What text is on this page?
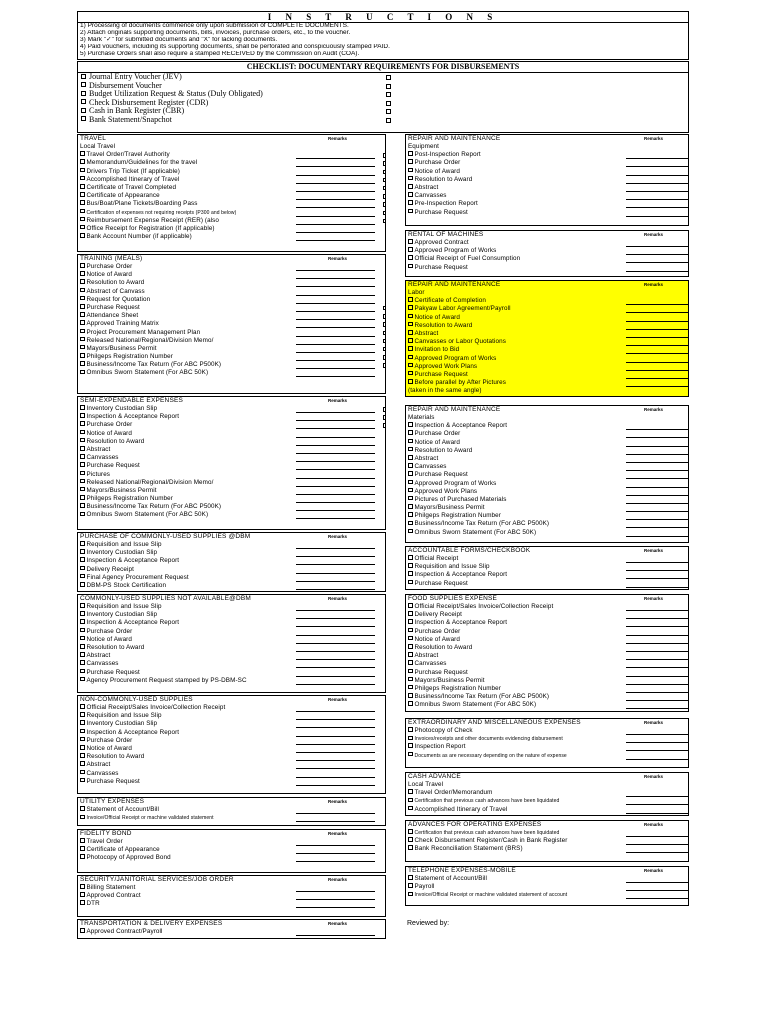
I N S T R U C T I O N S
1) Processing of documents commence only upon submission of COMPLETE DOCUMENTS.
2) Attach originals supporting documents, bills, invoices, purchase orders, etc., to the voucher.
3) Mark "✓" for submitted documents and "X" for lacking documents.
4) Paid vouchers, including its supporting documents, shall be perforated and conspicuously stamped PAID.
5) Purchase Orders shall also require a stamped RECEIVED by the Commission on Audit (COA).
CHECKLIST: DOCUMENTARY REQUIREMENTS FOR DISBURSEMENTS
Journal Entry Voucher (JEV)
Disbursement Voucher
Budget Utilization Request & Status (Duly Obligated)
Check Disbursement Register (CDR)
Cash in Bank Register (CBR)
Bank Statement/Snapchot
TRAVEL	Remarks
Local Travel
Travel Order/Travel Authority
Memorandum/Guidelines for the travel
Drivers Trip Ticket (If applicable)
Accomplished Itinerary of Travel
Certificate of Travel Completed
Certificate of Appearance
Bus/Boat/Plane Tickets/Boarding Pass
Certification of expenses not requiring receipts (P300 and below)
Reimbursement Expense Receipt (RER) (also
Office Receipt for Registration (If applicable)
Bank Account Number (if applicable)
TRAINING (MEALS)	Remarks
Purchase Order
Notice of Award
Resolution to Award
Abstract of Canvass
Request for Quotation
Purchase Request
Attendance Sheet
Approved Training Matrix
Project Procurement Management Plan
Released National/Regional/Division Memo/
Mayors/Business Permit
Philgeps Registration Number
Business/Income Tax Return (For ABC P500K)
Omnibus Sworn Statement (For ABC 50K)
SEMI-EXPENDABLE EXPENSES	Remarks
Inventory Custodian Slip
Inspection & Acceptance Report
Purchase Order
Notice of Award
Resolution to Award
Abstract
Canvasses
Purchase Request
Pictures
Released National/Regional/Division Memo/
Mayors/Business Permit
Philgeps Registration Number
Business/Income Tax Return (For ABC P500K)
Omnibus Sworn Statement (For ABC 50K)
PURCHASE OF COMMONLY-USED SUPPLIES @DBM	Remarks
Requisition and Issue Slip
Inventory Custodian Slip
Inspection & Acceptance Report
Delivery Receipt
Final Agency Procurement Request
DBM-PS Stock Certification
COMMONLY-USED SUPPLIES NOT AVAILABLE@DBM	Remarks
Requisition and Issue Slip
Inventory Custodian Slip
Inspection & Acceptance Report
Purchase Order
Notice of Award
Resolution to Award
Abstract
Canvasses
Purchase Request
Agency Procurement Request stamped by PS-DBM-SC
NON-COMMONLY-USED SUPPLIES	Remarks
Official Receipt/Sales Invoice/Collection Receipt
Requisition and Issue Slip
Inventory Custodian Slip
Inspection & Acceptance Report
Purchase Order
Notice of Award
Resolution to Award
Abstract
Canvasses
Purchase Request
UTILITY EXPENSES	Remarks
Statement of Account/Bill
Invoice/Official Receipt or machine validated statement
FIDELITY BOND	Remarks
Travel Order
Certificate of Appearance
Photocopy of Approved Bond
SECURITY/JANITORIAL SERVICES/JOB ORDER	Remarks
Billing Statement
Approved Contract
DTR
TRANSPORTATION & DELIVERY EXPENSES	Remarks
Approved Contract/Payroll
REPAIR AND MAINTENANCE	Remarks
Equipment
Post-Inspection Report
Purchase Order
Notice of Award
Resolution to Award
Abstract
Canvasses
Pre-Inspection Report
Purchase Request
RENTAL OF MACHINES	Remarks
Approved Contract
Approved Program of Works
Official Receipt of Fuel Consumption
Purchase Request
REPAIR AND MAINTENANCE	Remarks
Labor
Certificate of Completion
Pakyaw Labor Agreement/Payroll
Notice of Award
Resolution to Award
Abstract
Canvasses or Labor Quotations
Invitation to Bid
Approved Program of Works
Approved Work Plans
Purchase Request
Before parallel by After Pictures
(taken in the same angle)
REPAIR AND MAINTENANCE	Remarks
Materials
Inspection & Acceptance Report
Purchase Order
Notice of Award
Resolution to Award
Abstract
Canvasses
Purchase Request
Approved Program of Works
Approved Work Plans
Pictures of Purchased Materials
Mayors/Business Permit
Philgeps Registration Number
Business/Income Tax Return (For ABC P500K)
Omnibus Sworn Statement (For ABC 50K)
ACCOUNTABLE FORMS/CHECKBOOK	Remarks
Official Receipt
Requisition and Issue Slip
Inspection & Acceptance Report
Purchase Request
FOOD SUPPLIES EXPENSE	Remarks
Official Receipt/Sales Invoice/Collection Receipt
Delivery Receipt
Inspection & Acceptance Report
Purchase Order
Notice of Award
Resolution to Award
Abstract
Canvasses
Purchase Request
Mayors/Business Permit
Philgeps Registration Number
Business/Income Tax Return (For ABC P500K)
Omnibus Sworn Statement (For ABC 50K)
EXTRAORDINARY AND MISCELLANEOUS EXPENSES	Remarks
Photocopy of Check
Invoices/receipts and other documents evidencing disbursement
Inspection Report
Documents as are necessary depending on the nature of expense
CASH ADVANCE	Remarks
Local Travel
Travel Order/Memorandum
Certification that previous cash advances have been liquidated
Accomplished Itinerary of Travel
ADVANCES FOR OPERATING EXPENSES	Remarks
Certification that previous cash advances have been liquidated
Check Disbursement Register/Cash in Bank Register
Bank Reconciliation Statement (BRS)
TELEPHONE EXPENSES-MOBILE	Remarks
Statement of Account/Bill
Payroll
Invoice/Official Receipt or machine validated statement of account
Reviewed by:
